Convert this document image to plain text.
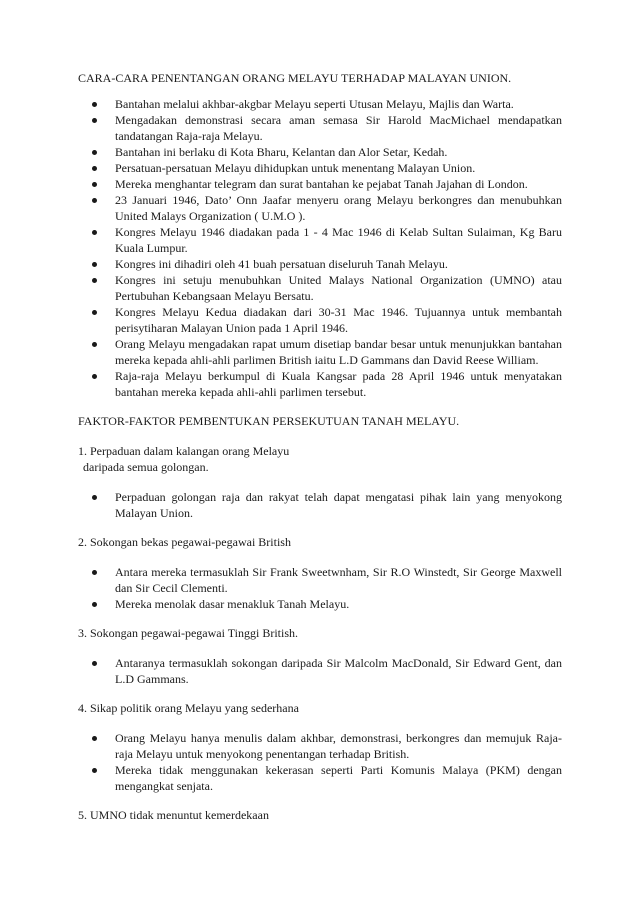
CARA-CARA PENENTANGAN ORANG MELAYU TERHADAP MALAYAN UNION.

Bantahan melalui akhbar-akgbar Melayu seperti Utusan Melayu, Majlis dan Warta.
Mengadakan demonstrasi secara aman semasa Sir Harold MacMichael mendapatkan tandatangan Raja-raja Melayu.
Bantahan ini berlaku di Kota Bharu, Kelantan dan Alor Setar, Kedah.
Persatuan-persatuan Melayu dihidupkan untuk menentang Malayan Union.
Mereka menghantar telegram dan surat bantahan ke pejabat Tanah Jajahan di London.
23 Januari 1946, Dato’ Onn Jaafar menyeru orang Melayu berkongres dan menubuhkan United Malays Organization ( U.M.O ).
Kongres Melayu 1946 diadakan pada 1 - 4 Mac 1946 di Kelab Sultan Sulaiman, Kg Baru Kuala Lumpur.
Kongres ini dihadiri oleh 41 buah persatuan diseluruh Tanah Melayu.
Kongres ini setuju menubuhkan United Malays National Organization (UMNO) atau Pertubuhan Kebangsaan Melayu Bersatu.
Kongres Melayu Kedua diadakan dari 30-31 Mac 1946. Tujuannya untuk membantah perisytiharan Malayan Union pada 1 April 1946.
Orang Melayu mengadakan rapat umum disetiap bandar besar untuk menunjukkan bantahan mereka kepada ahli-ahli parlimen British iaitu L.D Gammans dan David Reese William.
Raja-raja Melayu berkumpul di Kuala Kangsar pada 28 April 1946 untuk menyatakan bantahan mereka kepada ahli-ahli parlimen tersebut.

FAKTOR-FAKTOR PEMBENTUKAN PERSEKUTUAN TANAH MELAYU.

1. Perpaduan dalam kalangan orang Melayu

daripada semua golongan.

Perpaduan golongan raja dan rakyat telah dapat mengatasi pihak lain yang menyokong Malayan Union.

2. Sokongan bekas pegawai-pegawai British

Antara mereka termasuklah Sir Frank Sweetwnham, Sir R.O Winstedt, Sir George Maxwell dan Sir Cecil Clementi.
Mereka menolak dasar menakluk Tanah Melayu.

3. Sokongan pegawai-pegawai Tinggi British.

Antaranya termasuklah sokongan daripada Sir Malcolm MacDonald, Sir Edward Gent, dan L.D Gammans.

4. Sikap politik orang Melayu yang sederhana

Orang Melayu hanya menulis dalam akhbar, demonstrasi, berkongres dan memujuk Raja-raja Melayu untuk menyokong penentangan terhadap British.
Mereka tidak menggunakan kekerasan seperti Parti Komunis Malaya (PKM) dengan mengangkat senjata.

5. UMNO tidak menuntut kemerdekaan
